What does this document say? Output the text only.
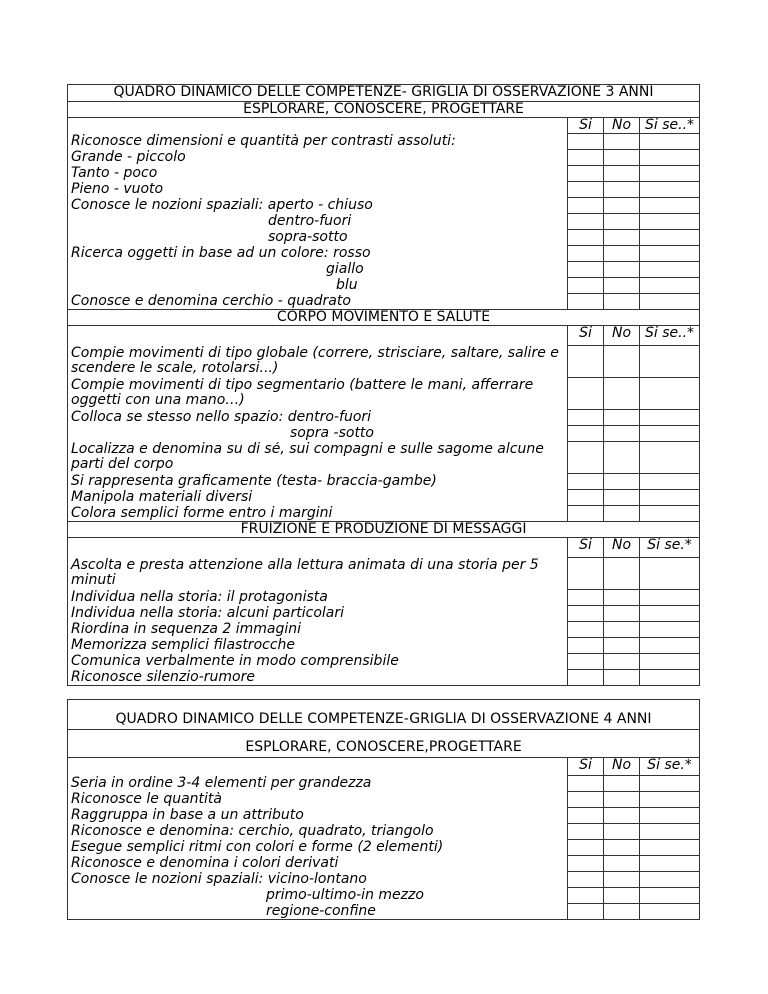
QUADRO DINAMICO DELLE COMPETENZE- GRIGLIA DI OSSERVAZIONE 3 ANNI			
ESPLORARE, CONOSCERE, PROGETTARE			
	Si	No	Si se..*
Riconosce dimensioni e quantità per contrasti assoluti:			
Grande - piccolo			
Tanto - poco			
Pieno - vuoto			
Conosce le nozioni spaziali: aperto - chiuso			
dentro-fuori			
sopra-sotto			
Ricerca oggetti in base ad un colore: rosso			
giallo			
blu			
Conosce e denomina cerchio - quadrato			
CORPO MOVIMENTO E SALUTE			
	Si	No	Si se..*
Compie movimenti di tipo globale (correre, strisciare, saltare, salire e scendere le scale, rotolarsi...)			
Compie movimenti di tipo segmentario (battere le mani, afferrare oggetti con una mano…)			
Colloca se stesso nello spazio: dentro-fuori			
sopra -sotto			
Localizza e denomina su di sé, sui compagni e sulle sagome alcune parti del corpo			
Si rappresenta graficamente (testa- braccia-gambe)			
Manipola materiali diversi			
Colora semplici forme entro i margini			
FRUIZIONE E PRODUZIONE DI MESSAGGI			
	Si	No	Si se.*
Ascolta e presta attenzione alla lettura animata di una storia per 5 minuti			
Individua nella storia: il protagonista			
Individua nella storia: alcuni particolari			
Riordina in sequenza 2 immagini			
Memorizza semplici filastrocche			
Comunica verbalmente in modo comprensibile			
Riconosce silenzio-rumore			
QUADRO DINAMICO DELLE COMPETENZE-GRIGLIA DI OSSERVAZIONE 4 ANNI			
ESPLORARE, CONOSCERE,PROGETTARE			
	Si	No	Si se.*
Seria in ordine 3-4 elementi per grandezza			
Riconosce le quantità			
Raggruppa in base a un attributo			
Riconosce e denomina: cerchio, quadrato, triangolo			
Esegue semplici ritmi con colori e forme (2 elementi)			
Riconosce e denomina i colori derivati			
Conosce le nozioni spaziali: vicino-lontano			
primo-ultimo-in mezzo			
regione-confine			
